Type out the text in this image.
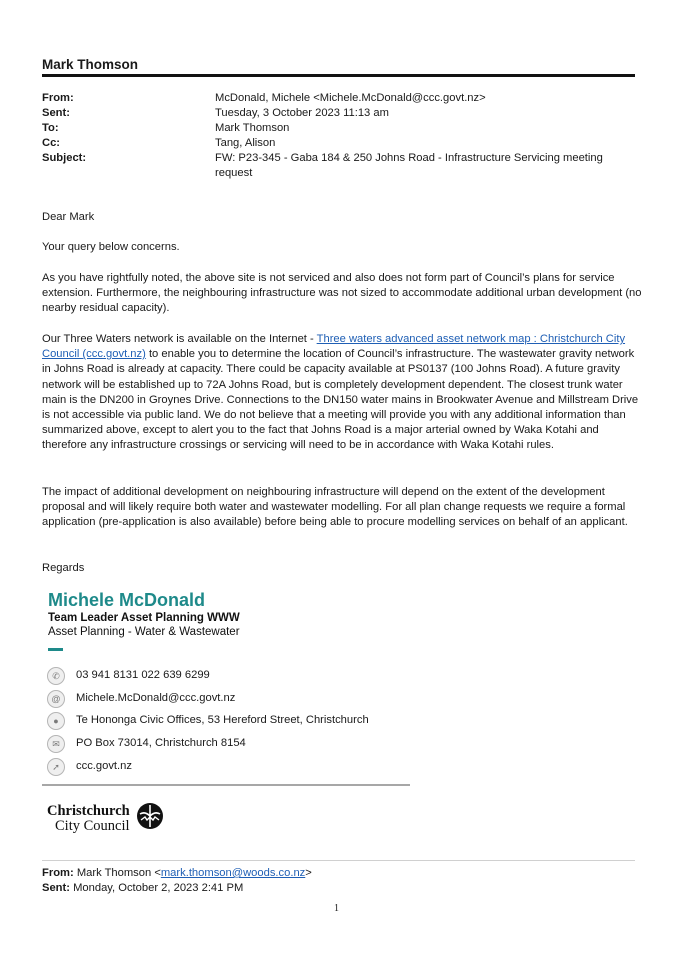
Mark Thomson
From:	McDonald, Michele <Michele.McDonald@ccc.govt.nz>
Sent:	Tuesday, 3 October 2023 11:13 am
To:	Mark Thomson
Cc:	Tang, Alison
Subject:	FW: P23-345 - Gaba 184 & 250 Johns Road - Infrastructure Servicing meeting request
Dear Mark
Your query below concerns.
As you have rightfully noted, the above site is not serviced and also does not form part of Council’s plans for service extension. Furthermore, the neighbouring infrastructure was not sized to accommodate additional urban development (no nearby residual capacity).

Our Three Waters network is available on the Internet - Three waters advanced asset network map : Christchurch City Council (ccc.govt.nz) to enable you to determine the location of Council’s infrastructure. The wastewater gravity network in Johns Road is already at capacity. There could be capacity available at PS0137 (100 Johns Road). A future gravity network will be established up to 72A Johns Road, but is completely development dependent. The closest trunk water main is the DN200 in Groynes Drive. Connections to the DN150 water mains in Brookwater Avenue and Millstream Drive is not accessible via public land. We do not believe that a meeting will provide you with any additional information than summarized above, except to alert you to the fact that Johns Road is a major arterial owned by Waka Kotahi and therefore any infrastructure crossings or servicing will need to be in accordance with Waka Kotahi rules.

The impact of additional development on neighbouring infrastructure will depend on the extent of the development proposal and will likely require both water and wastewater modelling. For all plan change requests we require a formal application (pre-application is also available) before being able to procure modelling services on behalf of an applicant.
Regards
Michele McDonald
Team Leader Asset Planning WWW
Asset Planning - Water & Wastewater
✆	03 941 8131 022 639 6299
@	Michele.McDonald@ccc.govt.nz
●	Te Hononga Civic Offices, 53 Hereford Street, Christchurch
✉	PO Box 73014, Christchurch 8154
➚	ccc.govt.nz
Christchurch
City Council
From: Mark Thomson <mark.thomson@woods.co.nz>
Sent: Monday, October 2, 2023 2:41 PM
1
